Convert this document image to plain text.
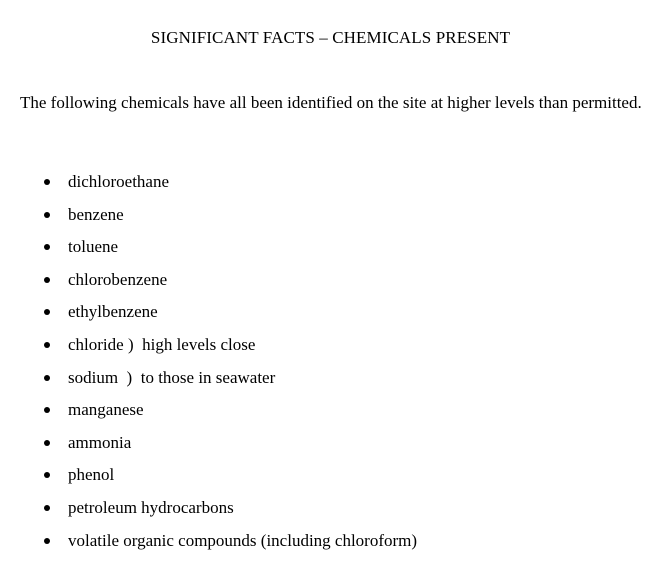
SIGNIFICANT FACTS – CHEMICALS PRESENT
The following chemicals have all been identified on the site at higher levels than permitted.
dichloroethane
benzene
toluene
chlorobenzene
ethylbenzene
chloride )  high levels close
sodium  )  to those in seawater
manganese
ammonia
phenol
petroleum hydrocarbons
volatile organic compounds (including chloroform)
